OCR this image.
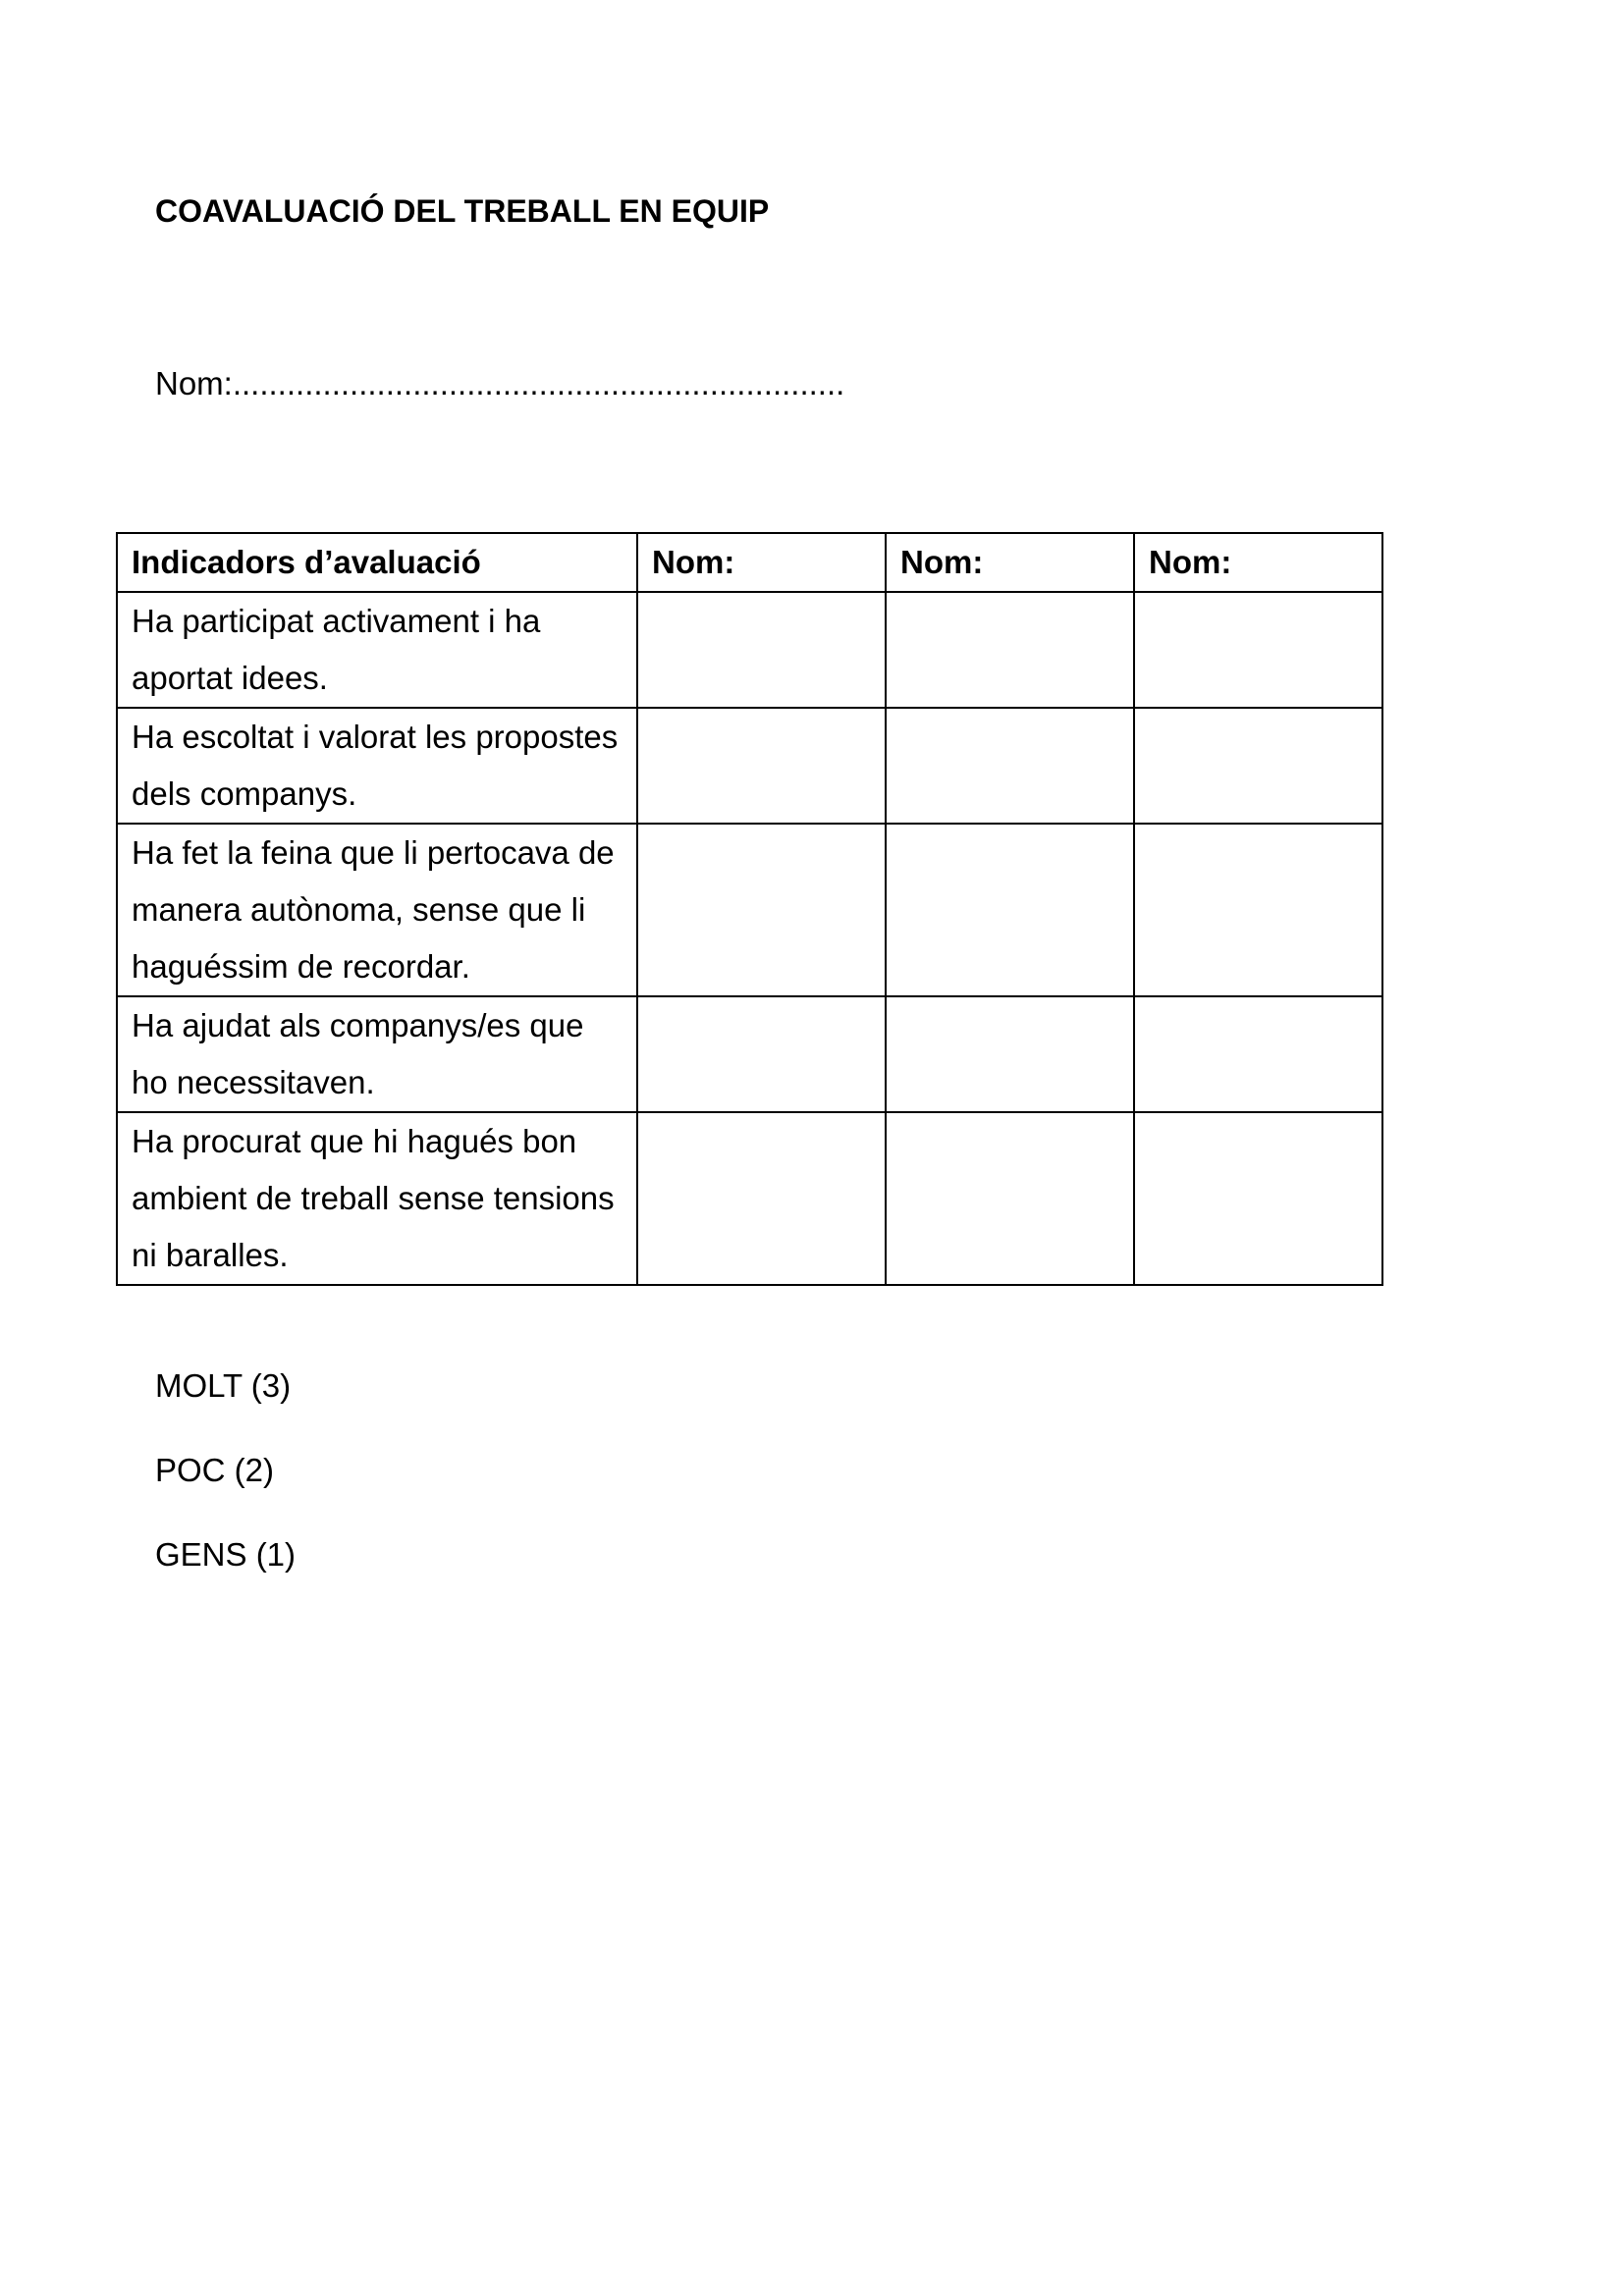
COAVALUACIÓ DEL TREBALL EN EQUIP
Nom:....................................................................
Indicadors d’avaluació	Nom:	Nom:	Nom:
Ha participat activament i ha aportat idees.			
Ha escoltat i valorat les propostes dels companys.			
Ha fet la feina que li pertocava de manera autònoma, sense que li haguéssim de recordar.			
Ha ajudat als companys/es que ho necessitaven.			
Ha procurat que hi hagués bon ambient de treball sense tensions ni baralles.			
MOLT (3)
POC (2)
GENS (1)
